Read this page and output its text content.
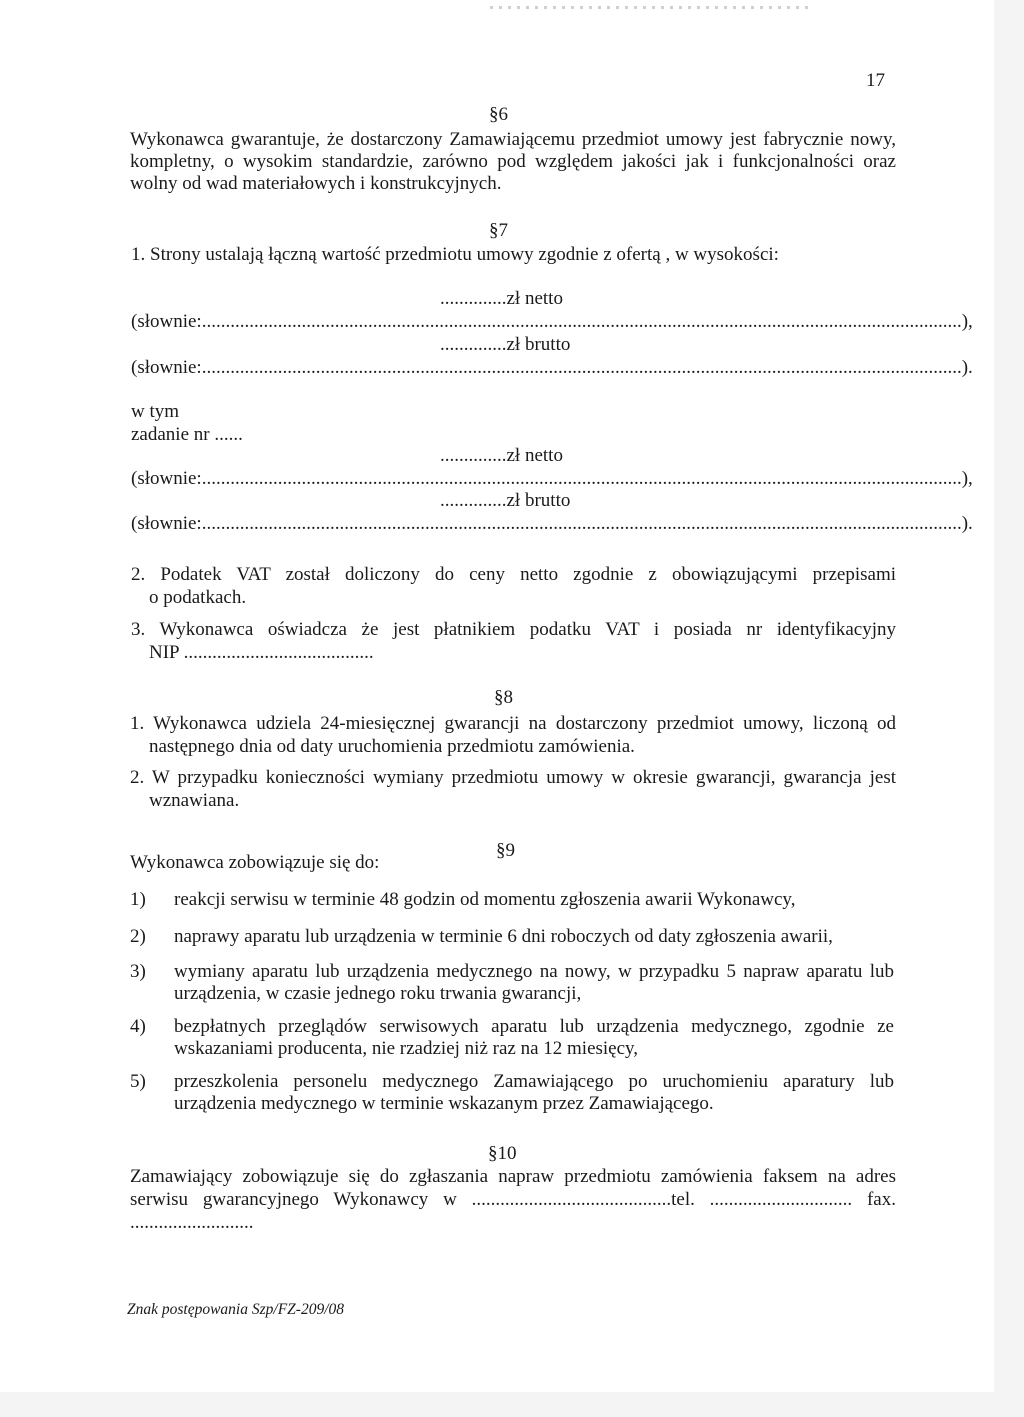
17
§6
Wykonawca gwarantuje, że dostarczony Zamawiającemu przedmiot umowy jest fabrycznie nowy, kompletny, o wysokim standardzie, zarówno pod względem jakości jak i funkcjonalności oraz wolny od wad materiałowych i konstrukcyjnych.
§7
1. Strony ustalają łączną wartość przedmiotu umowy zgodnie z ofertą , w wysokości:
..............zł netto
(słownie: ................................................................................................................................................................ ),
..............zł brutto
(słownie: ................................................................................................................................................................ ).
w tym
zadanie nr ......
..............zł netto
(słownie: ................................................................................................................................................................ ),
..............zł brutto
(słownie: ................................................................................................................................................................ ).
2. Podatek VAT został doliczony do ceny netto zgodnie z obowiązującymi przepisami
o podatkach.
3. Wykonawca oświadcza że jest płatnikiem podatku VAT i posiada nr identyfikacyjny
NIP ........................................
§8
1. Wykonawca udziela 24-miesięcznej gwarancji na dostarczony przedmiot umowy, liczoną od
następnego dnia od daty uruchomienia przedmiotu zamówienia.
2. W przypadku konieczności wymiany przedmiotu umowy w okresie gwarancji, gwarancja jest
wznawiana.
§9
Wykonawca zobowiązuje się do:
1)	reakcji serwisu w terminie 48 godzin od momentu zgłoszenia awarii Wykonawcy,
2)	naprawy aparatu lub urządzenia w terminie 6 dni roboczych od daty zgłoszenia awarii,
3)	wymiany aparatu lub urządzenia medycznego na nowy, w przypadku 5 napraw aparatu lub
urządzenia, w czasie jednego roku trwania gwarancji,
4)	bezpłatnych przeglądów serwisowych aparatu lub urządzenia medycznego, zgodnie ze
wskazaniami producenta, nie rzadziej niż raz na 12 miesięcy,
5)	przeszkolenia personelu medycznego Zamawiającego po uruchomieniu aparatury lub
urządzenia medycznego w terminie wskazanym przez Zamawiającego.
§10
Zamawiający zobowiązuje się do zgłaszania napraw przedmiotu zamówienia faksem na adres
serwisu gwarancyjnego Wykonawcy w ..........................................tel. .............................. fax.
..........................
Znak postępowania Szp/FZ-209/08
